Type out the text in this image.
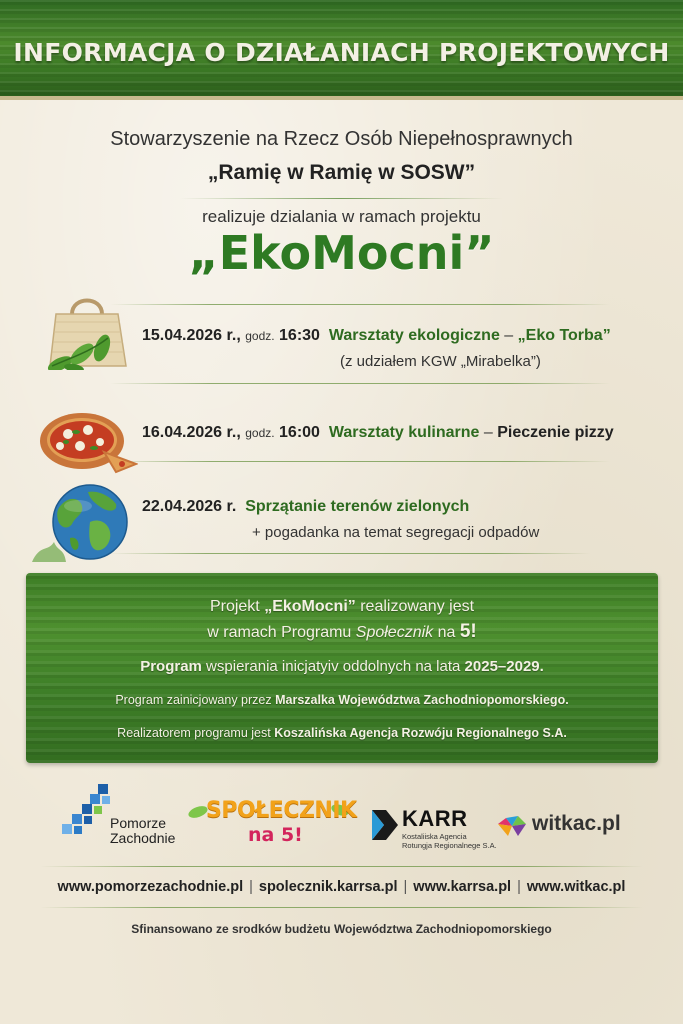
INFORMACJA O DZIAŁANIACH PROJEKTOWYCH
Stowarzyszenie na Rzecz Osób Niepełnosprawnych
„Ramię w Ramię w SOSW”
realizuje dzialania w ramach projektu
„EkoMocni”
15.04.2026 r., godz. 16:30 Warsztaty ekologiczne – „Eko Torba”
(z udziałem KGW „Mirabelka”)
16.04.2026 r., godz. 16:00 Warsztaty kulinarne – Pieczenie pizzy
22.04.2026 r. Sprzątanie terenów zielonych
+ pogadanka na temat segregacji odpadów
Projekt „EkoMocni” realizowany jest
w ramach Programu Społecznik na 5!
Program wspierania inicjatyiv oddolnych na lata 2025–2029.
Program zainicjowany przez Marszalka Województwa Zachodniopomorskiego.
Realizatorem programu jest Koszalińska Agencja Rozwóju Regionalnego S.A.
Pomorze
Zachodnie
SPOŁECZNIK
na 5!
KARR
Kostaliiska Agencia
Rotungja Regionalnege S.A.
witkac.pl
www.pomorzezachodnie.pl | spolecznik.karrsa.pl | www.karrsa.pl | www.witkac.pl
Sfinansowano ze srodków budżetu Województwa Zachodniopomorskiego
